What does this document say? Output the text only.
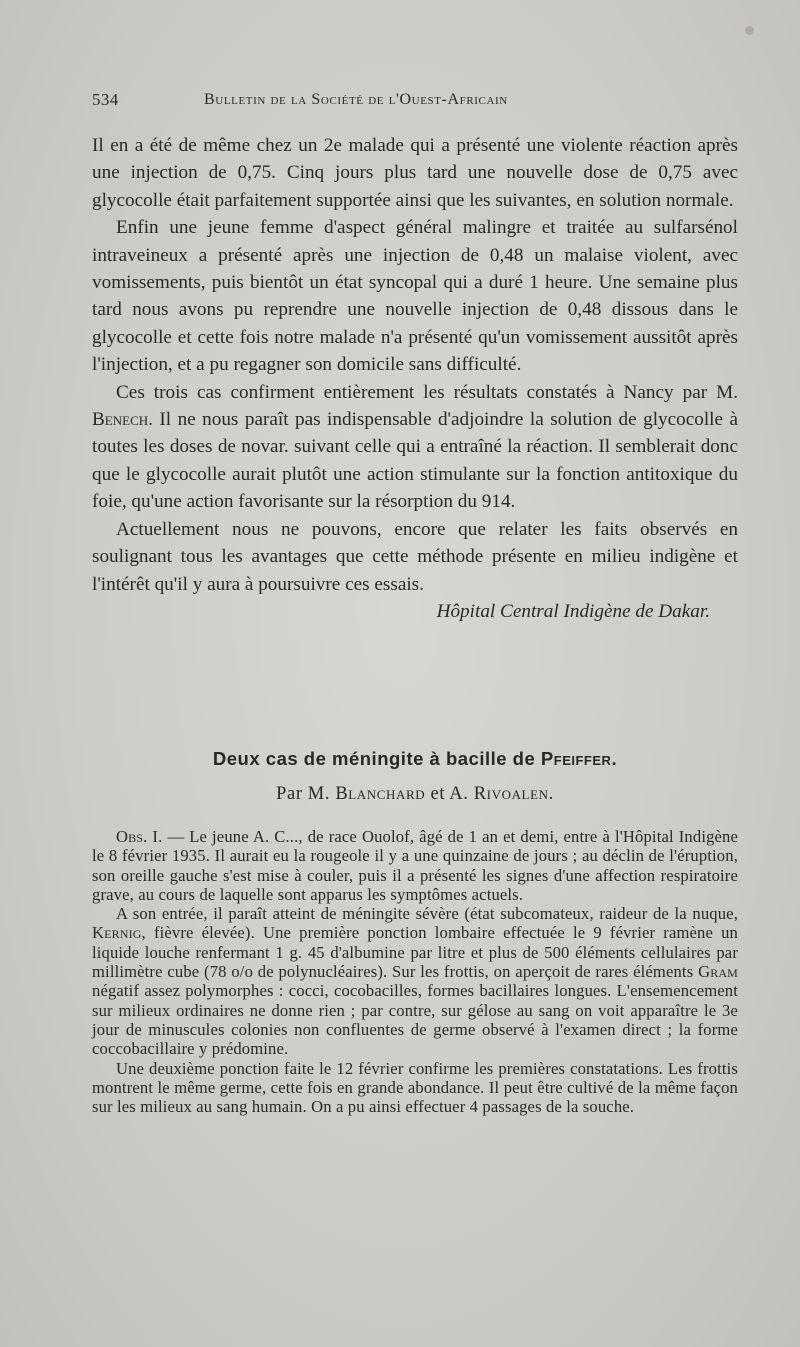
534	Bulletin de la Société de l'Ouest-Africain

Il en a été de même chez un 2e malade qui a présenté une violente réaction après une injection de 0,75. Cinq jours plus tard une nouvelle dose de 0,75 avec glycocolle était parfaitement supportée ainsi que les suivantes, en solution normale.

Enfin une jeune femme d'aspect général malingre et traitée au sulfarsénol intraveineux a présenté après une injection de 0,48 un malaise violent, avec vomissements, puis bientôt un état syncopal qui a duré 1 heure. Une semaine plus tard nous avons pu reprendre une nouvelle injection de 0,48 dissous dans le glycocolle et cette fois notre malade n'a présenté qu'un vomissement aussitôt après l'injection, et a pu regagner son domicile sans difficulté.

Ces trois cas confirment entièrement les résultats constatés à Nancy par M. Benech. Il ne nous paraît pas indispensable d'adjoindre la solution de glycocolle à toutes les doses de novar. suivant celle qui a entraîné la réaction. Il semblerait donc que le glycocolle aurait plutôt une action stimulante sur la fonction antitoxique du foie, qu'une action favorisante sur la résorption du 914.

Actuellement nous ne pouvons, encore que relater les faits observés en soulignant tous les avantages que cette méthode présente en milieu indigène et l'intérêt qu'il y aura à poursuivre ces essais.

Hôpital Central Indigène de Dakar.

Deux cas de méningite à bacille de Pfeiffer.
Par M. Blanchard et A. Rivoalen.

Obs. I. — Le jeune A. C..., de race Ouolof, âgé de 1 an et demi, entre à l'Hôpital Indigène le 8 février 1935. Il aurait eu la rougeole il y a une quinzaine de jours ; au déclin de l'éruption, son oreille gauche s'est mise à couler, puis il a présenté les signes d'une affection respiratoire grave, au cours de laquelle sont apparus les symptômes actuels.

A son entrée, il paraît atteint de méningite sévère (état subcomateux, raideur de la nuque, Kernig, fièvre élevée). Une première ponction lombaire effectuée le 9 février ramène un liquide louche renfermant 1 g. 45 d'albumine par litre et plus de 500 éléments cellulaires par millimètre cube (78 o/o de polynucléaires). Sur les frottis, on aperçoit de rares éléments Gram négatif assez polymorphes : cocci, cocobacilles, formes bacillaires longues. L'ensemencement sur milieux ordinaires ne donne rien ; par contre, sur gélose au sang on voit apparaître le 3e jour de minuscules colonies non confluentes de germe observé à l'examen direct ; la forme coccobacillaire y prédomine.

Une deuxième ponction faite le 12 février confirme les premières constatations. Les frottis montrent le même germe, cette fois en grande abondance. Il peut être cultivé de la même façon sur les milieux au sang humain. On a pu ainsi effectuer 4 passages de la souche.
